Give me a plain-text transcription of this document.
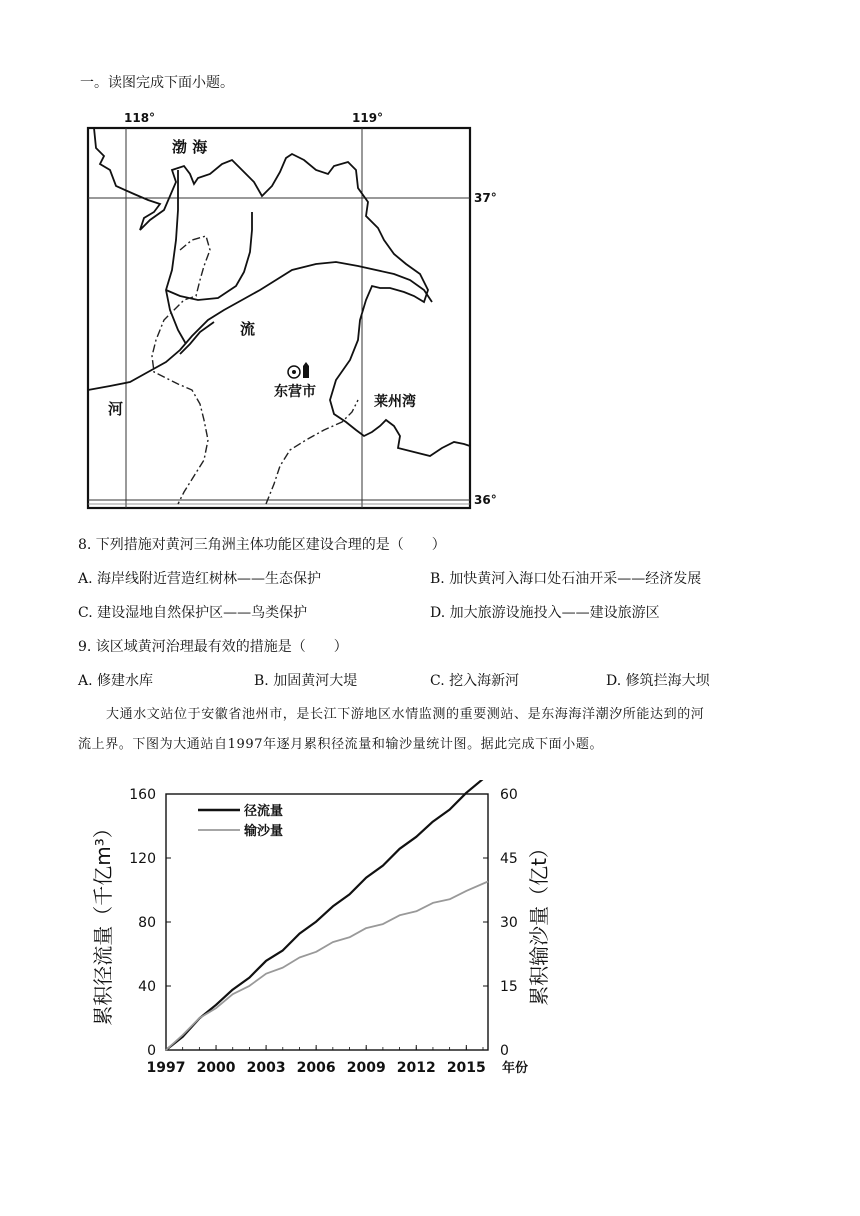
一。读图完成下面小题。
118°	119°
37°
36°
渤 海
流
河
东营市
莱州湾
8. 下列措施对黄河三角洲主体功能区建设合理的是（　　）
A. 海岸线附近营造红树林——生态保护	B. 加快黄河入海口处石油开采——经济发展
C. 建设湿地自然保护区——鸟类保护	D. 加大旅游设施投入——建设旅游区
9. 该区域黄河治理最有效的措施是（　　）
A. 修建水库	B. 加固黄河大堤	C. 挖入海新河	D. 修筑拦海大坝
大通水文站位于安徽省池州市，是长江下游地区水情监测的重要测站、是东海海洋潮汐所能达到的河
流上界。下图为大通站自1997年逐月累积径流量和输沙量统计图。据此完成下面小题。
0
40
80
120
160
0
15
30
45
60
1997 2000 2003 2006 2009 2012 2015 年份
累积径流量（千亿m³）	累积输沙量（亿t）
径流量
输沙量
